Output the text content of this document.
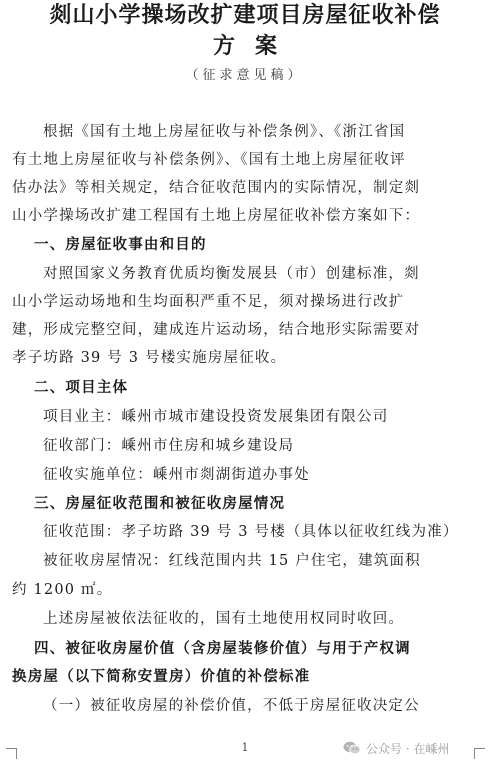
剡山小学操场改扩建项目房屋征收补偿
方案
（征求意见稿）
根据《国有土地上房屋征收与补偿条例》、《浙江省国
有土地上房屋征收与补偿条例》、《国有土地上房屋征收评
估办法》等相关规定，结合征收范围内的实际情况，制定剡
山小学操场改扩建工程国有土地上房屋征收补偿方案如下：
一、房屋征收事由和目的
对照国家义务教育优质均衡发展县（市）创建标准，剡
山小学运动场地和生均面积严重不足，须对操场进行改扩
建，形成完整空间，建成连片运动场，结合地形实际需要对
孝子坊路 39 号 3 号楼实施房屋征收。
二、项目主体
项目业主：嵊州市城市建设投资发展集团有限公司
征收部门：嵊州市住房和城乡建设局
征收实施单位：嵊州市剡湖街道办事处
三、房屋征收范围和被征收房屋情况
征收范围：孝子坊路 39 号 3 号楼（具体以征收红线为准）
被征收房屋情况：红线范围内共 15 户住宅，建筑面积
约 1200 ㎡。
上述房屋被依法征收的，国有土地使用权同时收回。
四、被征收房屋价值（含房屋装修价值）与用于产权调
换房屋（以下简称安置房）价值的补偿标准
（一）被征收房屋的补偿价值，不低于房屋征收决定公
1	公众号 · 在嵊州
